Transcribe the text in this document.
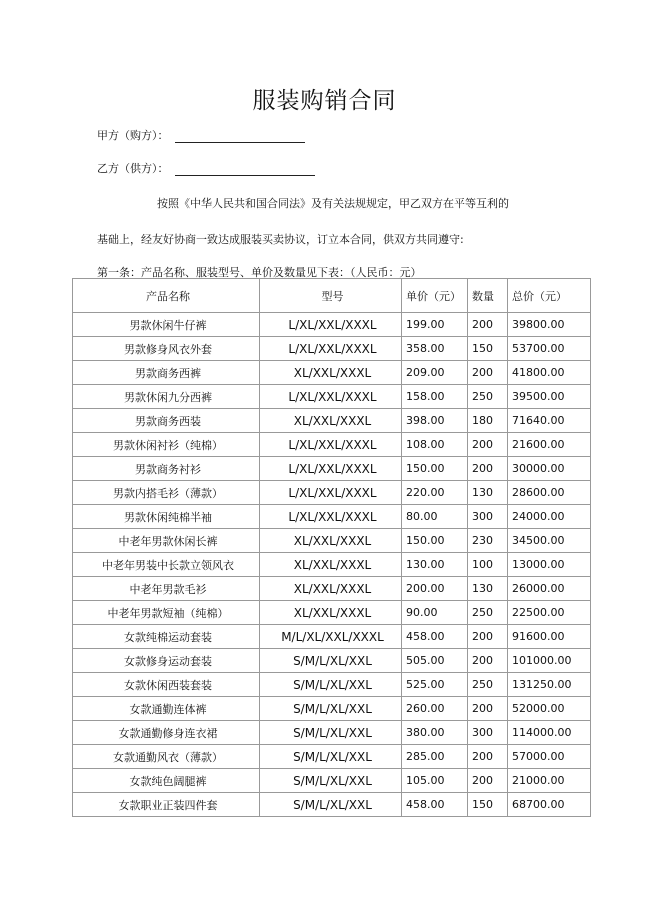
服装购销合同
甲方（购方）：
乙方（供方）：
按照《中华人民共和国合同法》及有关法规规定，甲乙双方在平等互利的
基础上，经友好协商一致达成服装买卖协议，订立本合同，供双方共同遵守:
第一条：产品名称、服装型号、单价及数量见下表：（人民币：元）
产品名称	型号	单价（元）	数量	总价（元）
男款休闲牛仔裤	L/XL/XXL/XXXL	199.00	200	39800.00
男款修身风衣外套	L/XL/XXL/XXXL	358.00	150	53700.00
男款商务西裤	XL/XXL/XXXL	209.00	200	41800.00
男款休闲九分西裤	L/XL/XXL/XXXL	158.00	250	39500.00
男款商务西装	XL/XXL/XXXL	398.00	180	71640.00
男款休闲衬衫（纯棉）	L/XL/XXL/XXXL	108.00	200	21600.00
男款商务衬衫	L/XL/XXL/XXXL	150.00	200	30000.00
男款内搭毛衫（薄款）	L/XL/XXL/XXXL	220.00	130	28600.00
男款休闲纯棉半袖	L/XL/XXL/XXXL	80.00	300	24000.00
中老年男款休闲长裤	XL/XXL/XXXL	150.00	230	34500.00
中老年男装中长款立领风衣	XL/XXL/XXXL	130.00	100	13000.00
中老年男款毛衫	XL/XXL/XXXL	200.00	130	26000.00
中老年男款短袖（纯棉）	XL/XXL/XXXL	90.00	250	22500.00
女款纯棉运动套装	M/L/XL/XXL/XXXL	458.00	200	91600.00
女款修身运动套装	S/M/L/XL/XXL	505.00	200	101000.00
女款休闲西装套装	S/M/L/XL/XXL	525.00	250	131250.00
女款通勤连体裤	S/M/L/XL/XXL	260.00	200	52000.00
女款通勤修身连衣裙	S/M/L/XL/XXL	380.00	300	114000.00
女款通勤风衣（薄款）	S/M/L/XL/XXL	285.00	200	57000.00
女款纯色阔腿裤	S/M/L/XL/XXL	105.00	200	21000.00
女款职业正装四件套	S/M/L/XL/XXL	458.00	150	68700.00
